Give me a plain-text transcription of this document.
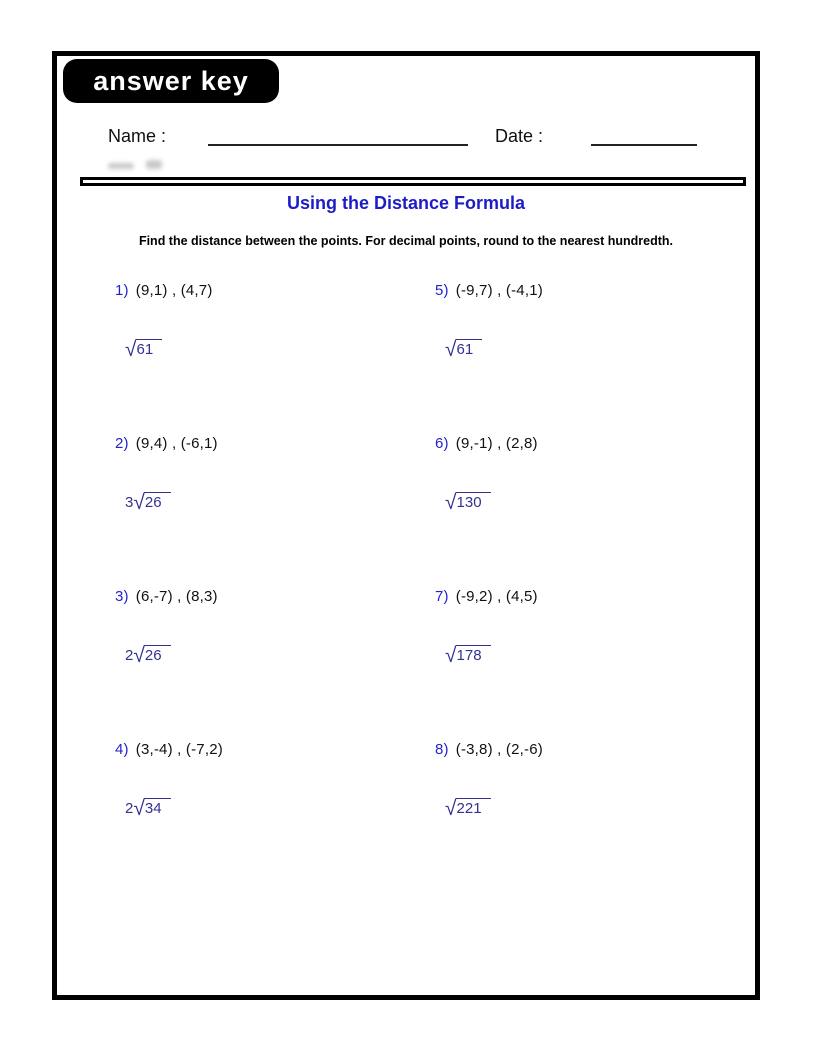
answer key
Name :	Date :
Using the Distance Formula
Find the distance between the points. For decimal points, round to the nearest hundredth.
1) (9,1) , (4,7)
√61
5) (-9,7) , (-4,1)
√61
2) (9,4) , (-6,1)
3√26
6) (9,-1) , (2,8)
√130
3) (6,-7) , (8,3)
2√26
7) (-9,2) , (4,5)
√178
4) (3,-4) , (-7,2)
2√34
8) (-3,8) , (2,-6)
√221
